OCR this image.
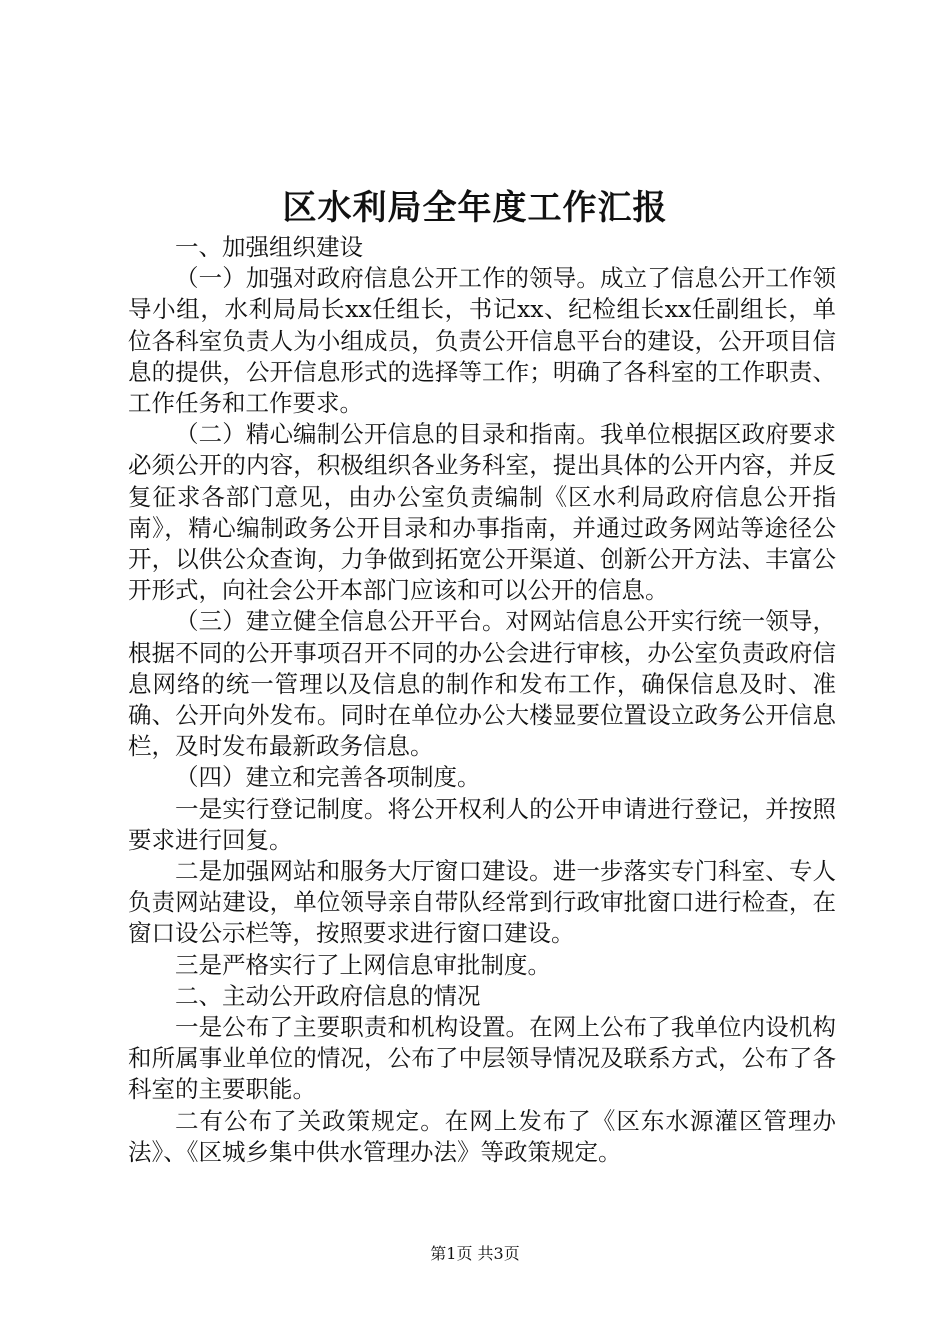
区水利局全年度工作汇报

一、加强组织建设

（一）加强对政府信息公开工作的领导。成立了信息公开工作领导小组，水利局局长xx任组长，书记xx、纪检组长xx任副组长，单位各科室负责人为小组成员，负责公开信息平台的建设，公开项目信息的提供，公开信息形式的选择等工作；明确了各科室的工作职责、工作任务和工作要求。

（二）精心编制公开信息的目录和指南。我单位根据区政府要求必须公开的内容，积极组织各业务科室，提出具体的公开内容，并反复征求各部门意见，由办公室负责编制《区水利局政府信息公开指南》，精心编制政务公开目录和办事指南，并通过政务网站等途径公开，以供公众查询，力争做到拓宽公开渠道、创新公开方法、丰富公开形式，向社会公开本部门应该和可以公开的信息。

（三）建立健全信息公开平台。对网站信息公开实行统一领导，根据不同的公开事项召开不同的办公会进行审核，办公室负责政府信息网络的统一管理以及信息的制作和发布工作，确保信息及时、准确、公开向外发布。同时在单位办公大楼显要位置设立政务公开信息栏，及时发布最新政务信息。

（四）建立和完善各项制度。

一是实行登记制度。将公开权利人的公开申请进行登记，并按照要求进行回复。

二是加强网站和服务大厅窗口建设。进一步落实专门科室、专人负责网站建设，单位领导亲自带队经常到行政审批窗口进行检查，在窗口设公示栏等，按照要求进行窗口建设。

三是严格实行了上网信息审批制度。

二、主动公开政府信息的情况

一是公布了主要职责和机构设置。在网上公布了我单位内设机构和所属事业单位的情况，公布了中层领导情况及联系方式，公布了各科室的主要职能。

二有公布了关政策规定。在网上发布了《区东水源灌区管理办法》、《区城乡集中供水管理办法》等政策规定。

第1页 共3页
